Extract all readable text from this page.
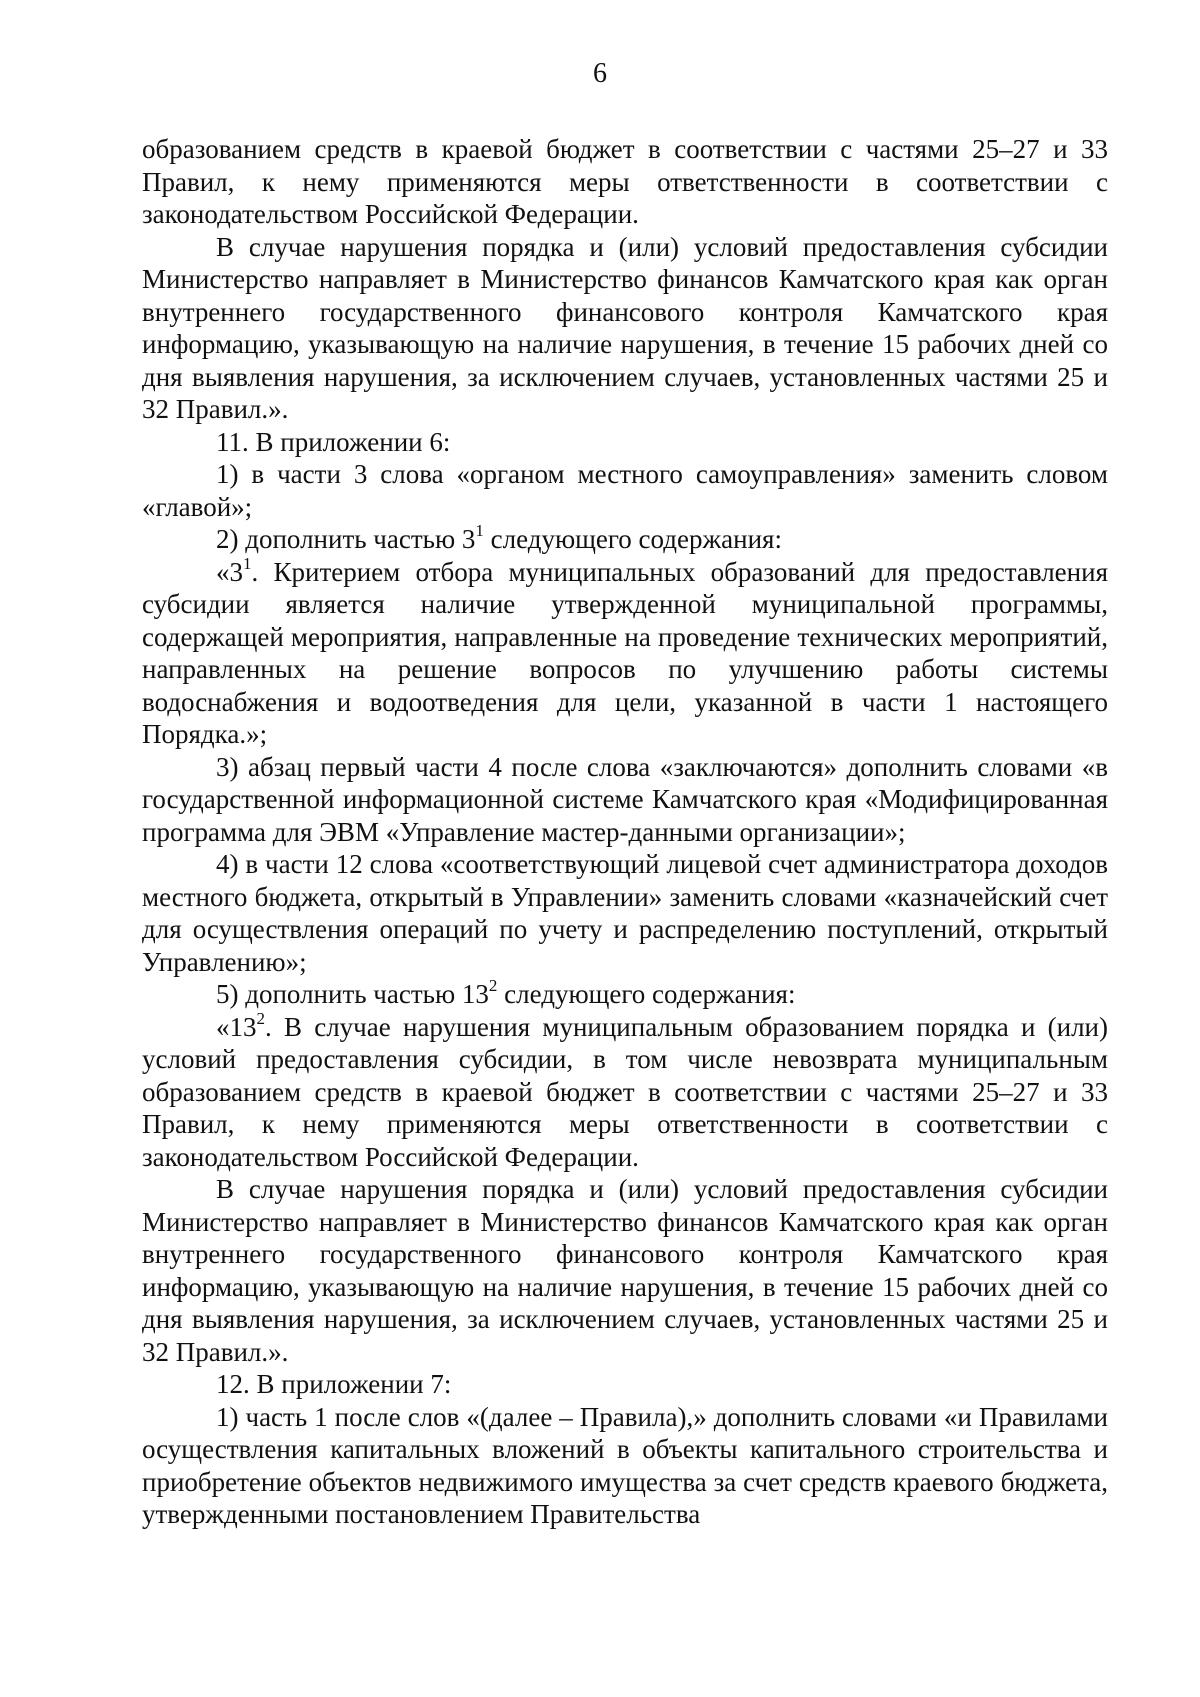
6

образованием средств в краевой бюджет в соответствии с частями 25–27 и 33 Правил, к нему применяются меры ответственности в соответствии с законодательством Российской Федерации.

В случае нарушения порядка и (или) условий предоставления субсидии Министерство направляет в Министерство финансов Камчатского края как орган внутреннего государственного финансового контроля Камчатского края информацию, указывающую на наличие нарушения, в течение 15 рабочих дней со дня выявления нарушения, за исключением случаев, установленных частями 25 и 32 Правил.».

11. В приложении 6:

1) в части 3 слова «органом местного самоуправления» заменить словом «главой»;

2) дополнить частью $3^1$ следующего содержания:

«$3^1$. Критерием отбора муниципальных образований для предоставления субсидии является наличие утвержденной муниципальной программы, содержащей мероприятия, направленные на проведение технических мероприятий, направленных на решение вопросов по улучшению работы системы водоснабжения и водоотведения для цели, указанной в части 1 настоящего Порядка.»;

3) абзац первый части 4 после слова «заключаются» дополнить словами «в государственной информационной системе Камчатского края «Модифицированная программа для ЭВМ «Управление мастер-данными организации»;

4) в части 12 слова «соответствующий лицевой счет администратора доходов местного бюджета, открытый в Управлении» заменить словами «казначейский счет для осуществления операций по учету и распределению поступлений, открытый Управлению»;

5) дополнить частью $13^2$ следующего содержания:

«$13^2$. В случае нарушения муниципальным образованием порядка и (или) условий предоставления субсидии, в том числе невозврата муниципальным образованием средств в краевой бюджет в соответствии с частями 25–27 и 33 Правил, к нему применяются меры ответственности в соответствии с законодательством Российской Федерации.

В случае нарушения порядка и (или) условий предоставления субсидии Министерство направляет в Министерство финансов Камчатского края как орган внутреннего государственного финансового контроля Камчатского края информацию, указывающую на наличие нарушения, в течение 15 рабочих дней со дня выявления нарушения, за исключением случаев, установленных частями 25 и 32 Правил.».

12. В приложении 7:

1) часть 1 после слов «(далее – Правила),» дополнить словами «и Правилами осуществления капитальных вложений в объекты капитального строительства и приобретение объектов недвижимого имущества за счет средств краевого бюджета, утвержденными постановлением Правительства
